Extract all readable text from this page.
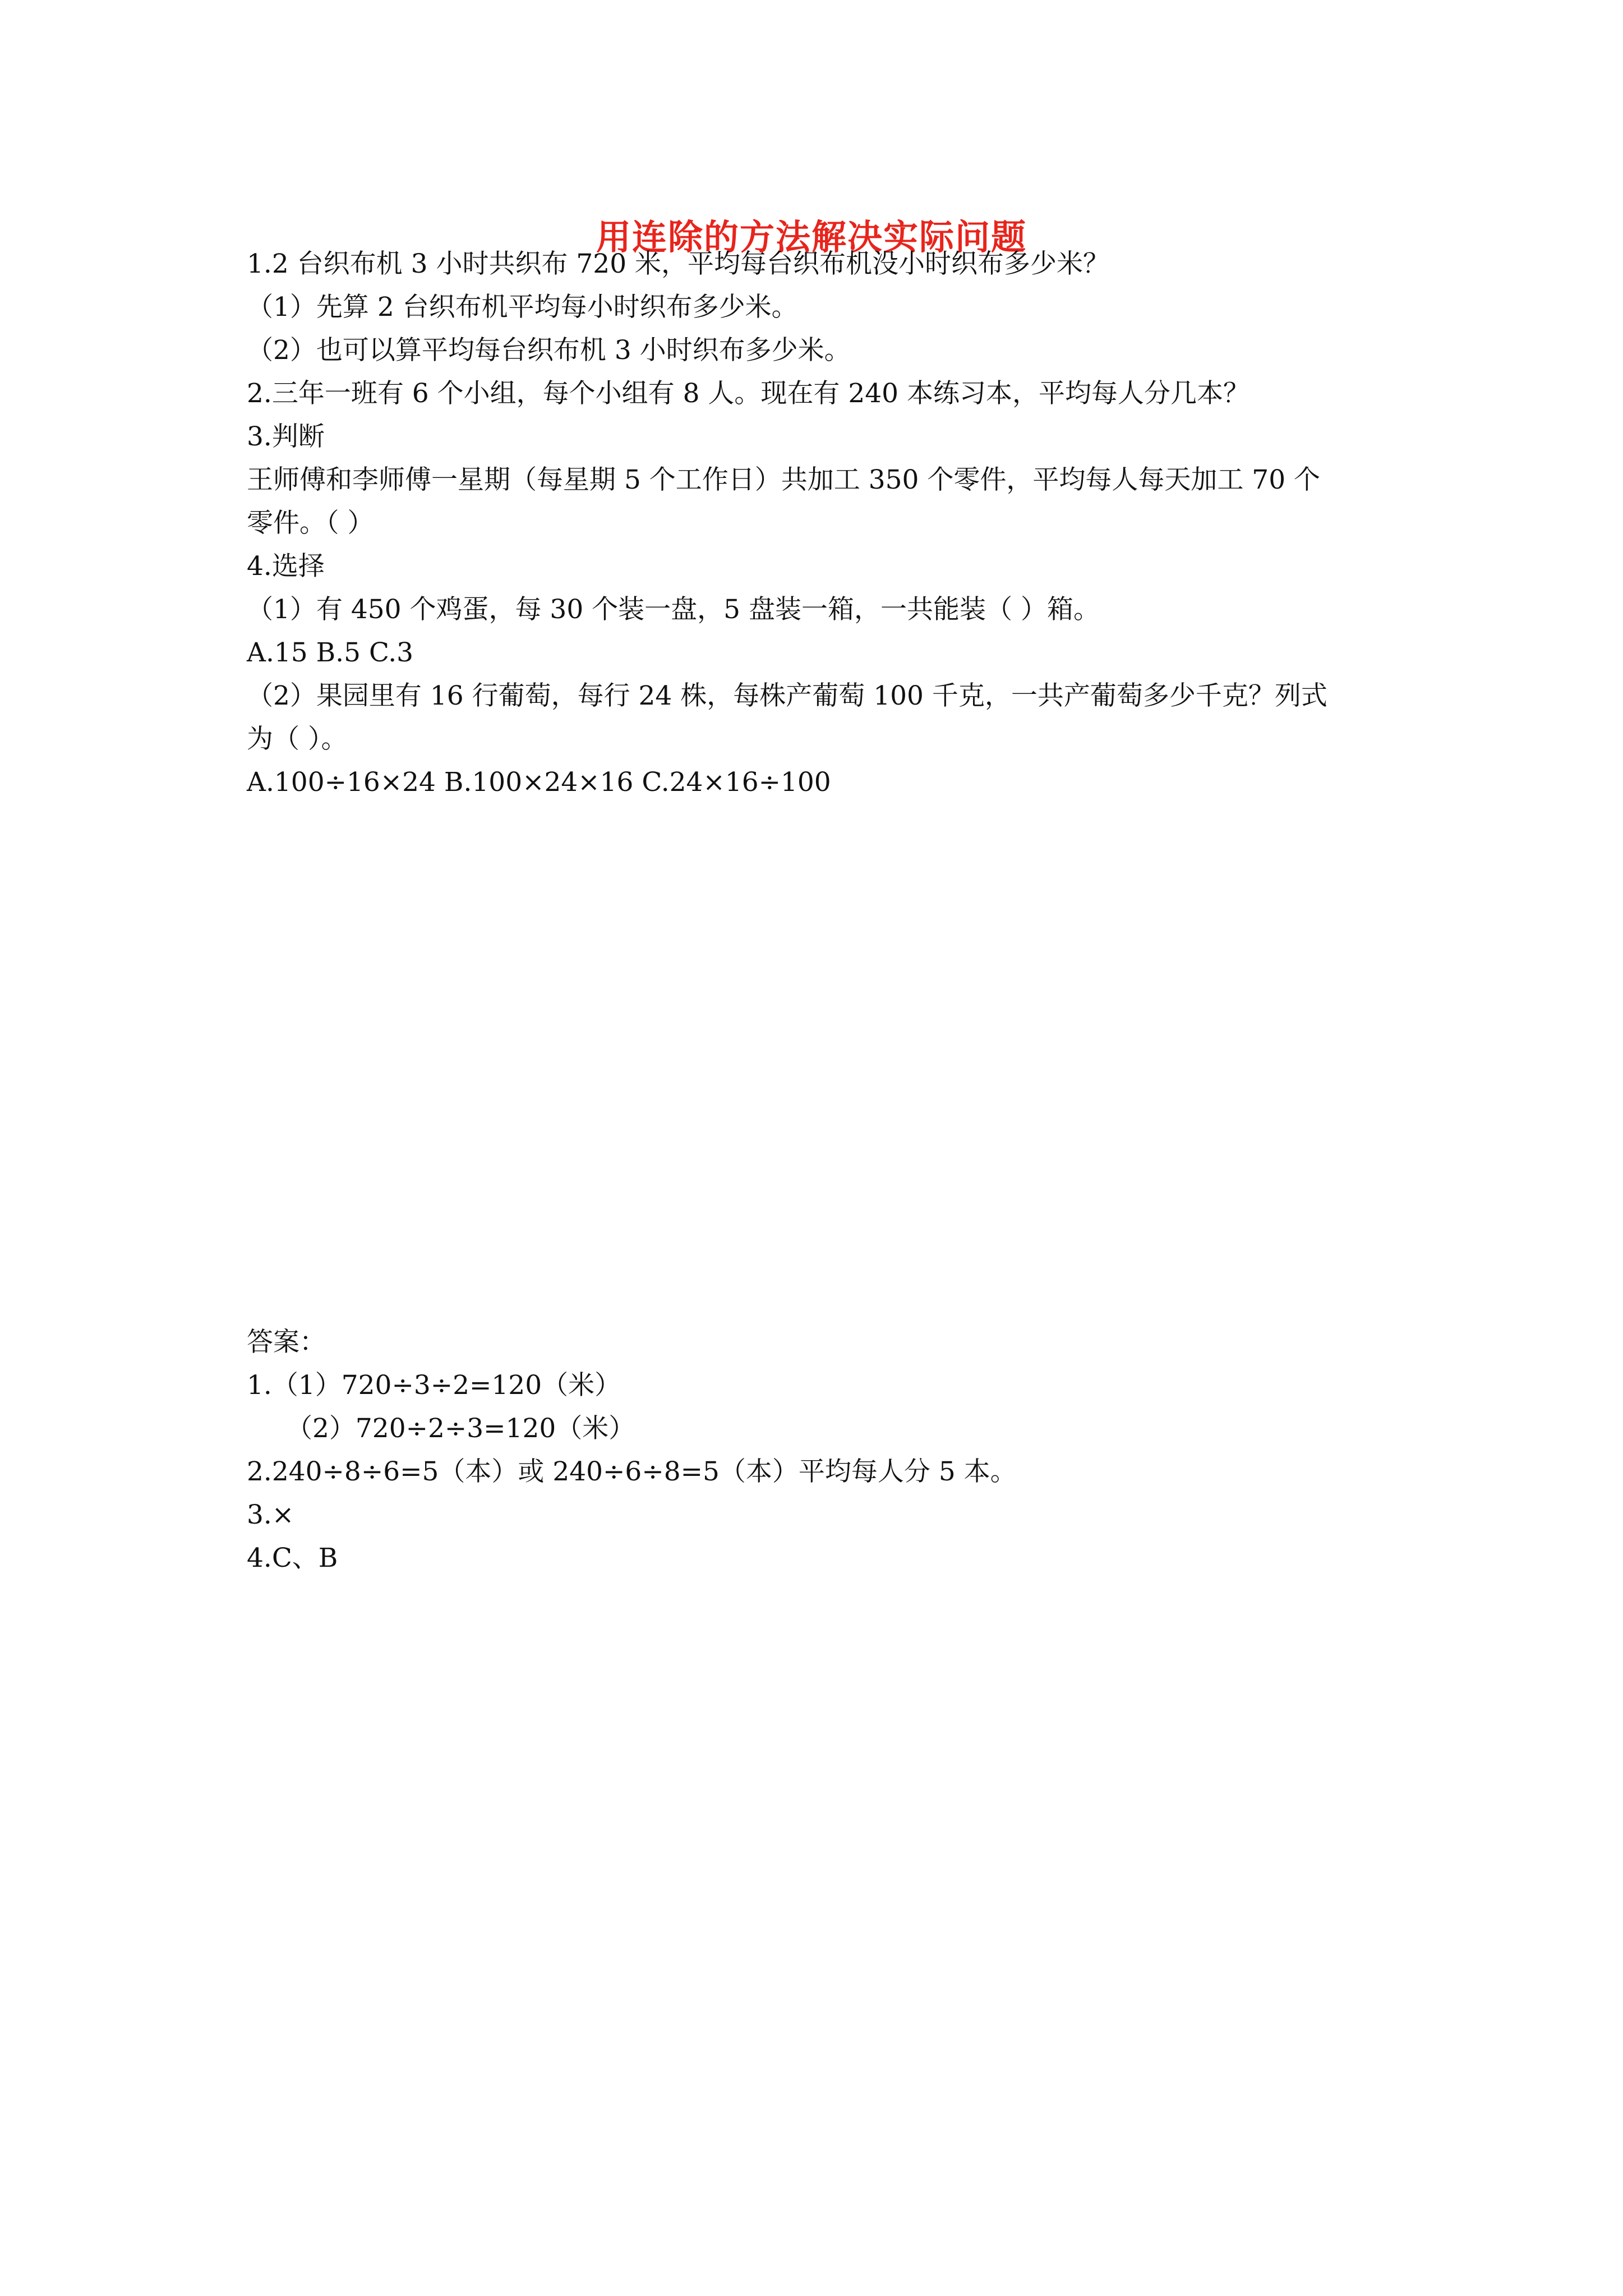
用连除的方法解决实际问题
1.2 台织布机 3 小时共织布 720 米，平均每台织布机没小时织布多少米？
（1）先算 2 台织布机平均每小时织布多少米。
（2）也可以算平均每台织布机 3 小时织布多少米。
2.三年一班有 6 个小组，每个小组有 8 人。现在有 240 本练习本，平均每人分几本？
3.判断
王师傅和李师傅一星期（每星期 5 个工作日）共加工 350 个零件，平均每人每天加工 70 个
零件。（ ）
4.选择
（1）有 450 个鸡蛋，每 30 个装一盘，5 盘装一箱，一共能装（ ）箱。
A.15 B.5 C.3
（2）果园里有 16 行葡萄，每行 24 株，每株产葡萄 100 千克，一共产葡萄多少千克？列式
为（ ）。
A.100÷16×24 B.100×24×16 C.24×16÷100
答案：
1.（1）720÷3÷2=120（米）
（2）720÷2÷3=120（米）
2.240÷8÷6=5（本）或 240÷6÷8=5（本）平均每人分 5 本。
3.×
4.C、B
